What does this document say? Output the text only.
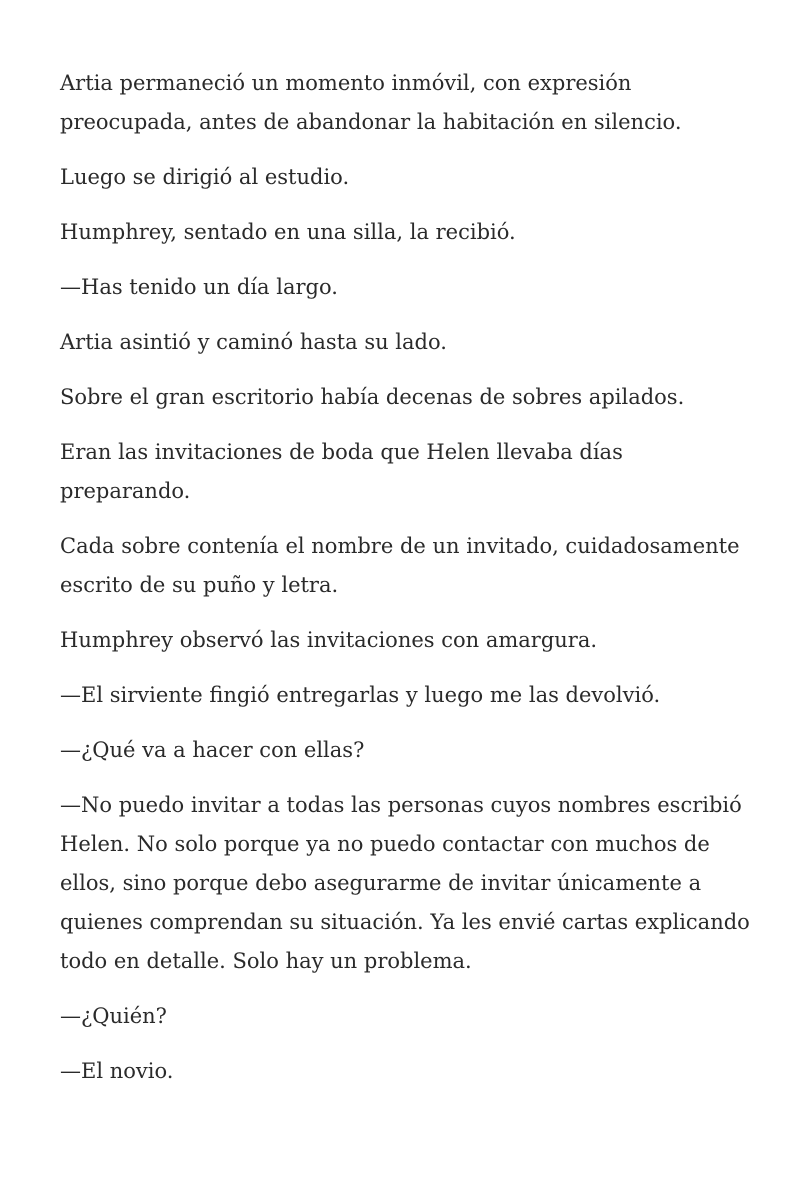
Artia permaneció un momento inmóvil, con expresión preocupada, antes de abandonar la habitación en silencio.

Luego se dirigió al estudio.

Humphrey, sentado en una silla, la recibió.

—Has tenido un día largo.

Artia asintió y caminó hasta su lado.

Sobre el gran escritorio había decenas de sobres apilados.

Eran las invitaciones de boda que Helen llevaba días preparando.

Cada sobre contenía el nombre de un invitado, cuidadosamente escrito de su puño y letra.

Humphrey observó las invitaciones con amargura.

—El sirviente fingió entregarlas y luego me las devolvió.

—¿Qué va a hacer con ellas?

—No puedo invitar a todas las personas cuyos nombres escribió Helen. No solo porque ya no puedo contactar con muchos de ellos, sino porque debo asegurarme de invitar únicamente a quienes comprendan su situación. Ya les envié cartas explicando todo en detalle. Solo hay un problema.

—¿Quién?

—El novio.
